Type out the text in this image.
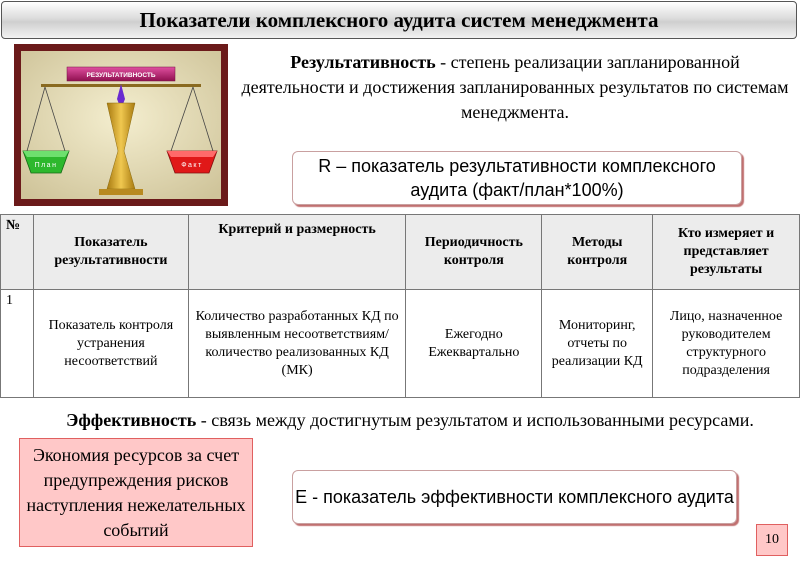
Показатели комплексного аудита систем менеджмента
РЕЗУЛЬТАТИВНОСТЬ
План	Факт
Результативность - степень реализации запланированной деятельности и достижения запланированных результатов по системам менеджмента.
R – показатель результативности комплексного аудита (факт/план*100%)
№	Показатель результативности	Критерий и размерность	Периодичность контроля	Методы контроля	Кто измеряет и представляет результаты
1	Показатель контроля устранения несоответствий	Количество разработанных КД по выявленным несоответствиям/ количество реализованных КД (МК)	Ежегодно Ежеквартально	Мониторинг, отчеты по реализации КД	Лицо, назначенное руководителем структурного подразделения
Эффективность - связь между достигнутым результатом и использованными ресурсами.
Экономия ресурсов за счет предупреждения рисков наступления нежелательных событий
Е - показатель эффективности комплексного аудита
10
